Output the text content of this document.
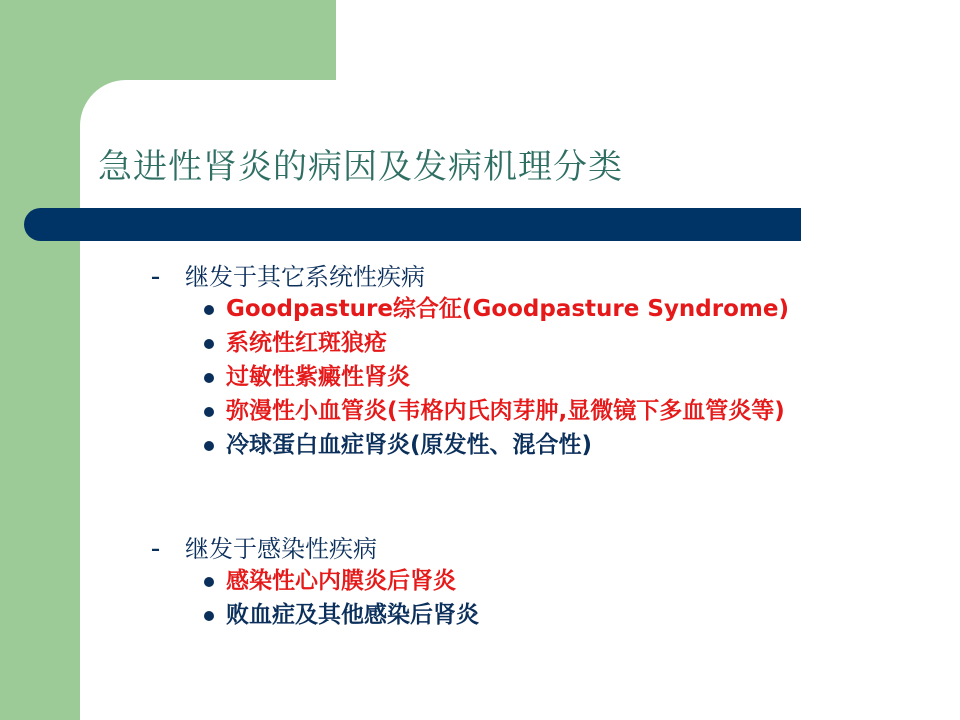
急进性肾炎的病因及发病机理分类
– 继发于其它系统性疾病
Goodpasture综合征(Goodpasture Syndrome)
系统性红斑狼疮
过敏性紫癜性肾炎
弥漫性小血管炎(韦格内氏肉芽肿,显微镜下多血管炎等)
冷球蛋白血症肾炎(原发性、混合性)
– 继发于感染性疾病
感染性心内膜炎后肾炎
败血症及其他感染后肾炎
